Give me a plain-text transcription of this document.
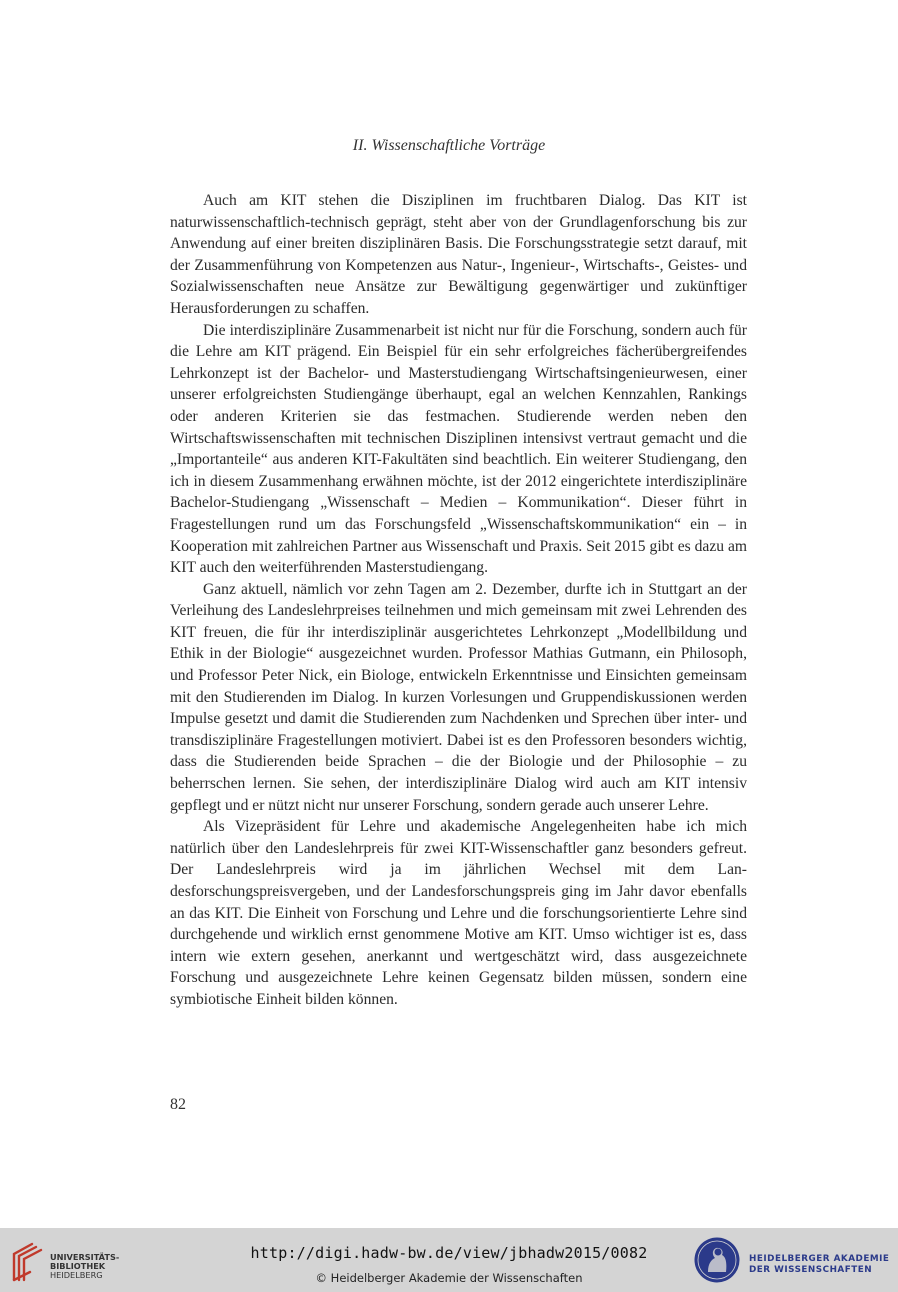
II. Wissenschaftliche Vorträge

Auch am KIT stehen die Disziplinen im fruchtbaren Dialog. Das KIT ist naturwissenschaftlich-technisch geprägt, steht aber von der Grundlagenforschung bis zur Anwendung auf einer breiten disziplinären Basis. Die Forschungsstrategie setzt darauf, mit der Zusammenführung von Kompetenzen aus Natur-, Ingenieur-, Wirtschafts-, Geistes- und Sozialwissenschaften neue Ansätze zur Bewältigung gegenwärtiger und zukünftiger Herausforderungen zu schaffen.

Die interdisziplinäre Zusammenarbeit ist nicht nur für die Forschung, sondern auch für die Lehre am KIT prägend. Ein Beispiel für ein sehr erfolgreiches fächerübergreifendes Lehrkonzept ist der Bachelor- und Masterstudiengang Wirtschaftsingenieurwesen, einer unserer erfolgreichsten Studiengänge überhaupt, egal an welchen Kennzahlen, Rankings oder anderen Kriterien sie das festmachen. Studierende werden neben den Wirtschaftswissenschaften mit technischen Disziplinen intensivst vertraut gemacht und die „Importanteile“ aus anderen KIT-Fakultäten sind beachtlich. Ein weiterer Studiengang, den ich in diesem Zusammenhang erwähnen möchte, ist der 2012 eingerichtete interdisziplinäre Bachelor-Studiengang „Wissenschaft – Medien – Kommunikation“. Dieser führt in Fragestellungen rund um das Forschungsfeld „Wissenschaftskommunikation“ ein – in Kooperation mit zahlreichen Partner aus Wissenschaft und Praxis. Seit 2015 gibt es dazu am KIT auch den weiterführenden Masterstudiengang.

Ganz aktuell, nämlich vor zehn Tagen am 2. Dezember, durfte ich in Stuttgart an der Verleihung des Landeslehrpreises teilnehmen und mich gemeinsam mit zwei Lehrenden des KIT freuen, die für ihr interdisziplinär ausgerichtetes Lehrkonzept „Modellbildung und Ethik in der Biologie“ ausgezeichnet wurden. Professor Mathias Gutmann, ein Philosoph, und Professor Peter Nick, ein Biologe, entwickeln Erkenntnisse und Einsichten gemeinsam mit den Studierenden im Dialog. In kurzen Vorlesungen und Gruppendiskussionen werden Impulse gesetzt und damit die Studierenden zum Nachdenken und Sprechen über inter- und transdisziplinäre Fragestellungen motiviert. Dabei ist es den Professoren besonders wichtig, dass die Studierenden beide Sprachen – die der Biologie und der Philosophie – zu beherrschen lernen. Sie sehen, der interdisziplinäre Dialog wird auch am KIT intensiv gepflegt und er nützt nicht nur unserer Forschung, sondern gerade auch unserer Lehre.

Als Vizepräsident für Lehre und akademische Angelegenheiten habe ich mich natürlich über den Landeslehrpreis für zwei KIT-Wissenschaftler ganz besonders gefreut. Der Landeslehrpreis wird ja im jährlichen Wechsel mit dem Landesforschungspreisvergeben, und der Landesforschungspreis ging im Jahr davor ebenfalls an das KIT. Die Einheit von Forschung und Lehre und die forschungsorientierte Lehre sind durchgehende und wirklich ernst genommene Motive am KIT. Umso wichtiger ist es, dass intern wie extern gesehen, anerkannt und wertgeschätzt wird, dass ausgezeichnete Forschung und ausgezeichnete Lehre keinen Gegensatz bilden müssen, sondern eine symbiotische Einheit bilden können.

82
UNIVERSITÄTS-
BIBLIOTHEK
HEIDELBERG
http://digi.hadw-bw.de/view/jbhadw2015/0082
© Heidelberger Akademie der Wissenschaften
HEIDELBERGER AKADEMIE
DER WISSENSCHAFTEN
